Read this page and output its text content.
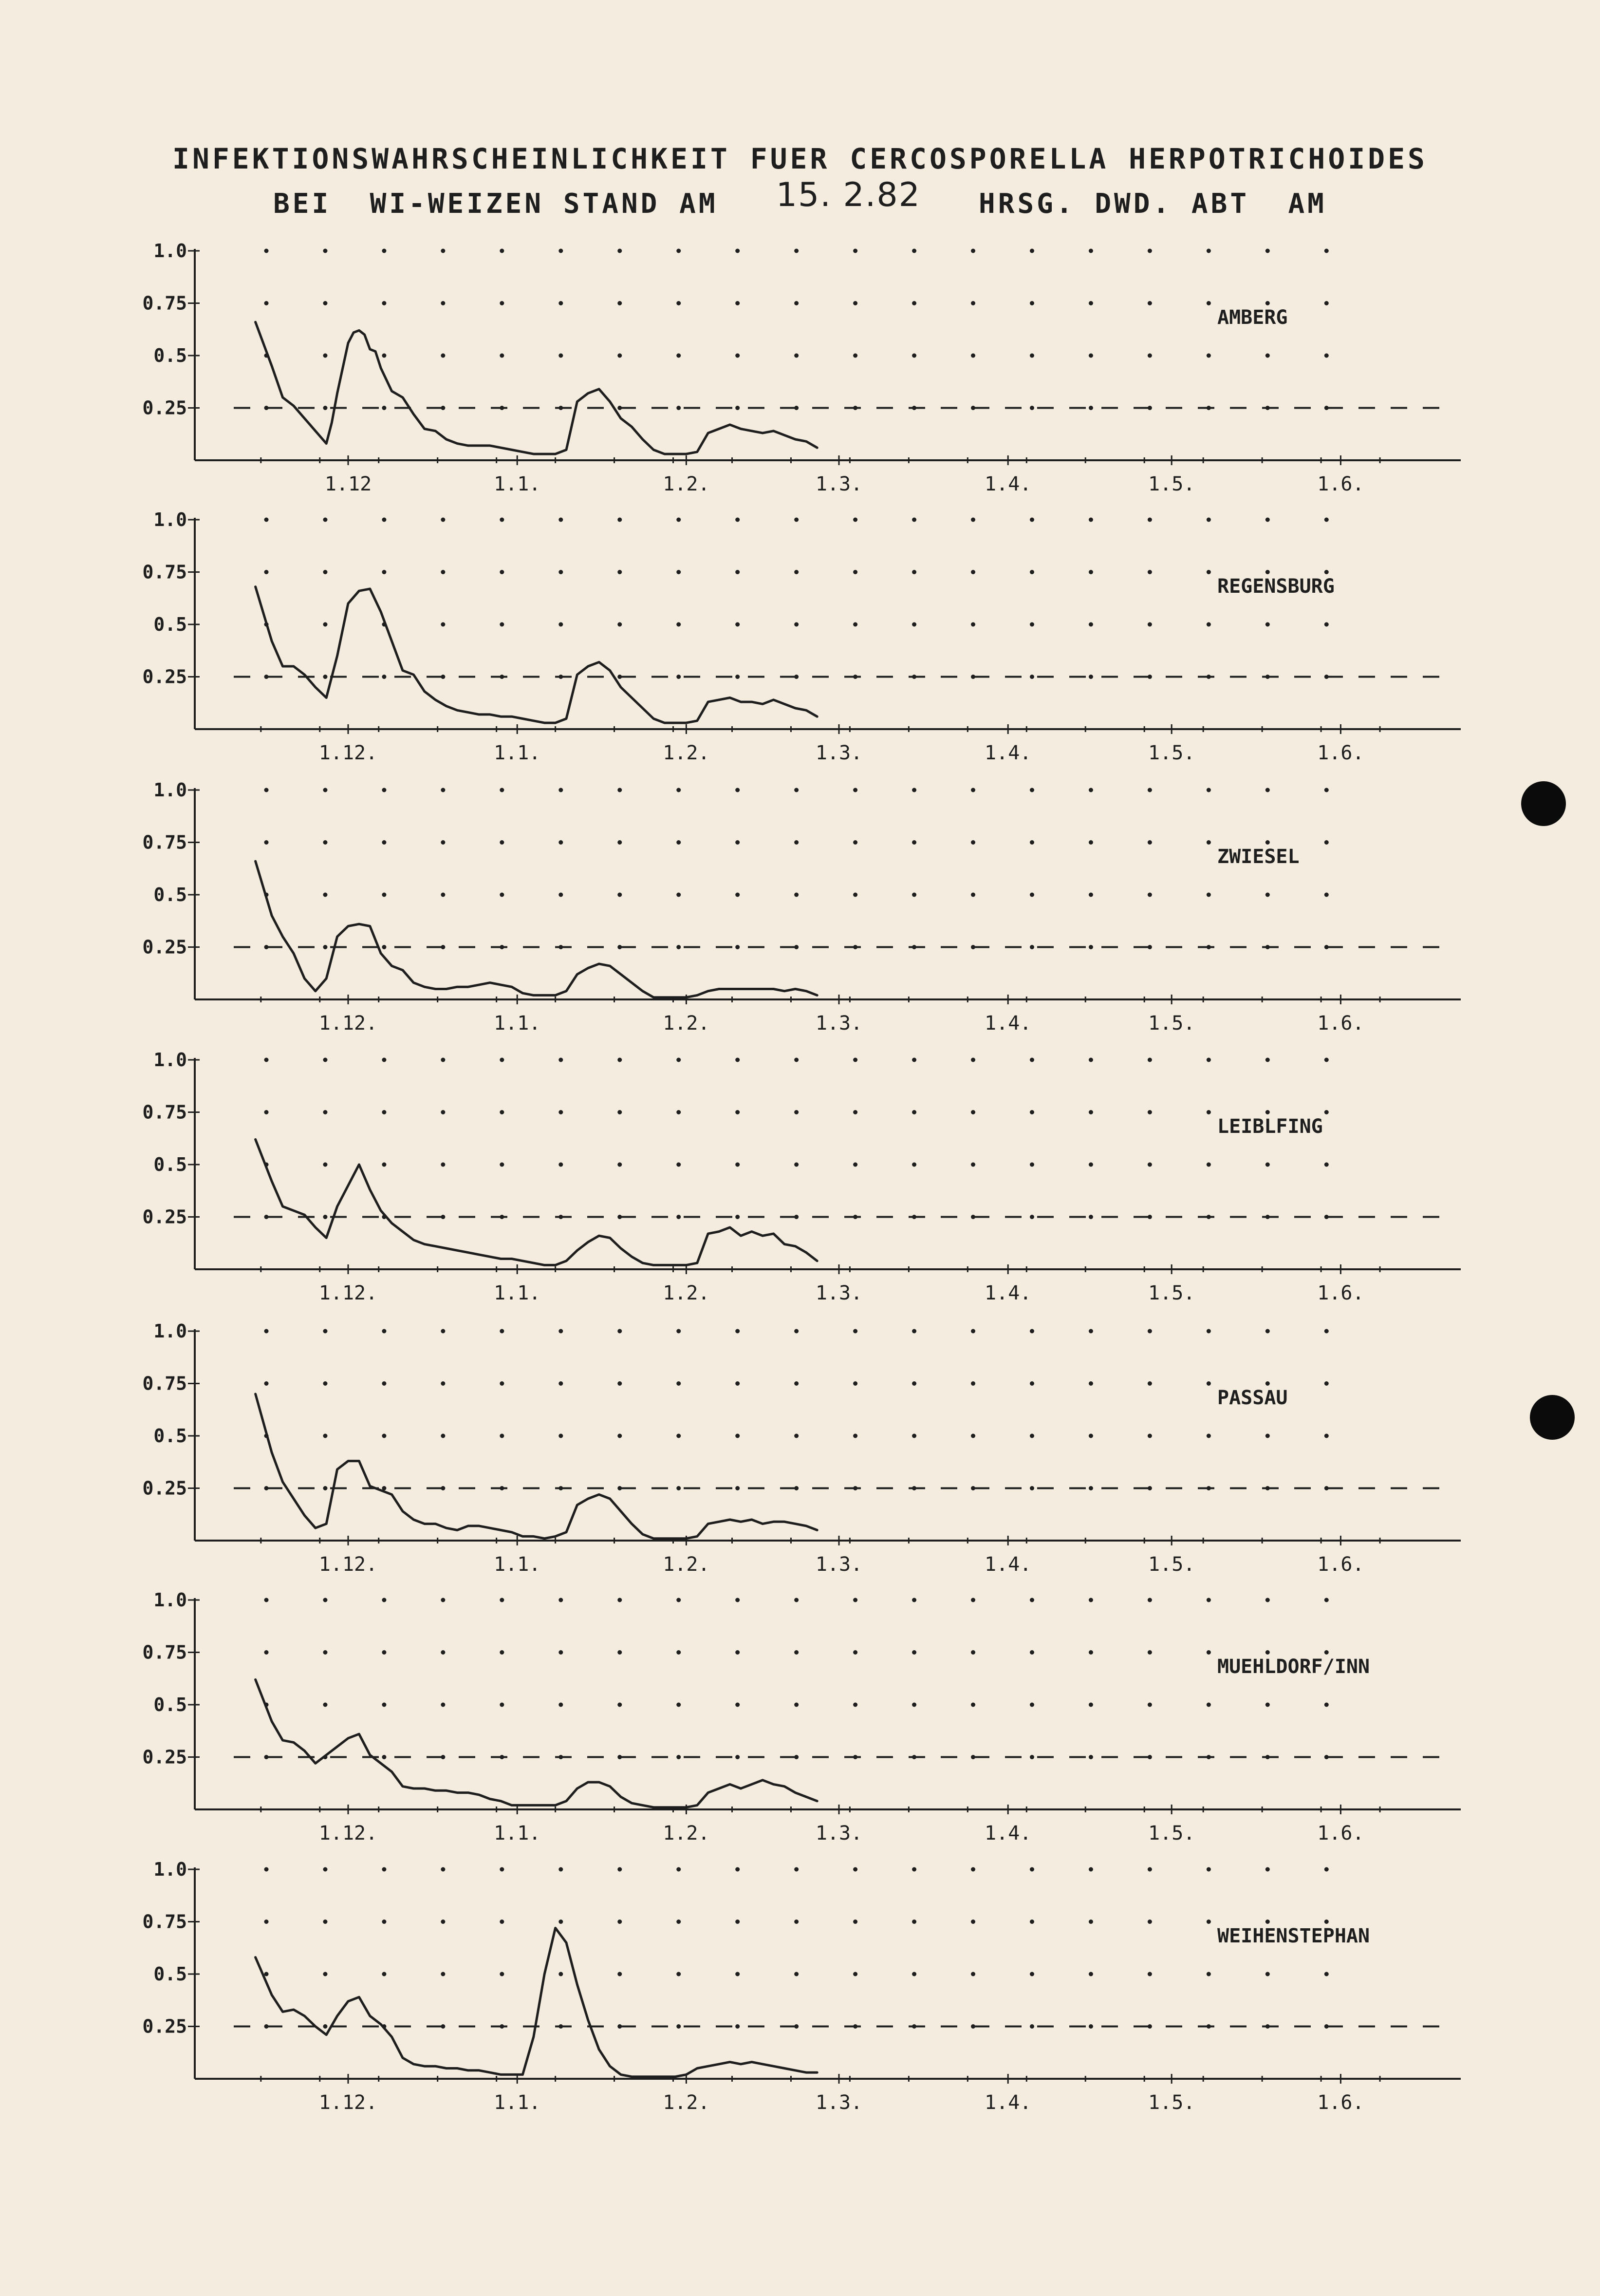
INFEKTIONSWAHRSCHEINLICHKEIT FUER CERCOSPORELLA HERPOTRICHOIDES
BEI  WI-WEIZEN STAND AM 15. 2.82 HRSG. DWD. ABT  AM
1.0
0.75
0.5
0.25
1.12	1.1.	1.2.	1.3.	1.4.	1.5.	1.6.
AMBERG
1.0
0.75
0.5
0.25
1.12.	1.1.	1.2.	1.3.	1.4.	1.5.	1.6.
REGENSBURG
1.0
0.75
0.5
0.25
1.12.	1.1.	1.2.	1.3.	1.4.	1.5.	1.6.
ZWIESEL
1.0
0.75
0.5
0.25
1.12.	1.1.	1.2.	1.3.	1.4.	1.5.	1.6.
LEIBLFING
1.0
0.75
0.5
0.25
1.12.	1.1.	1.2.	1.3.	1.4.	1.5.	1.6.
PASSAU
1.0
0.75
0.5
0.25
1.12.	1.1.	1.2.	1.3.	1.4.	1.5.	1.6.
MUEHLDORF/INN
1.0
0.75
0.5
0.25
1.12.	1.1.	1.2.	1.3.	1.4.	1.5.	1.6.
WEIHENSTEPHAN
